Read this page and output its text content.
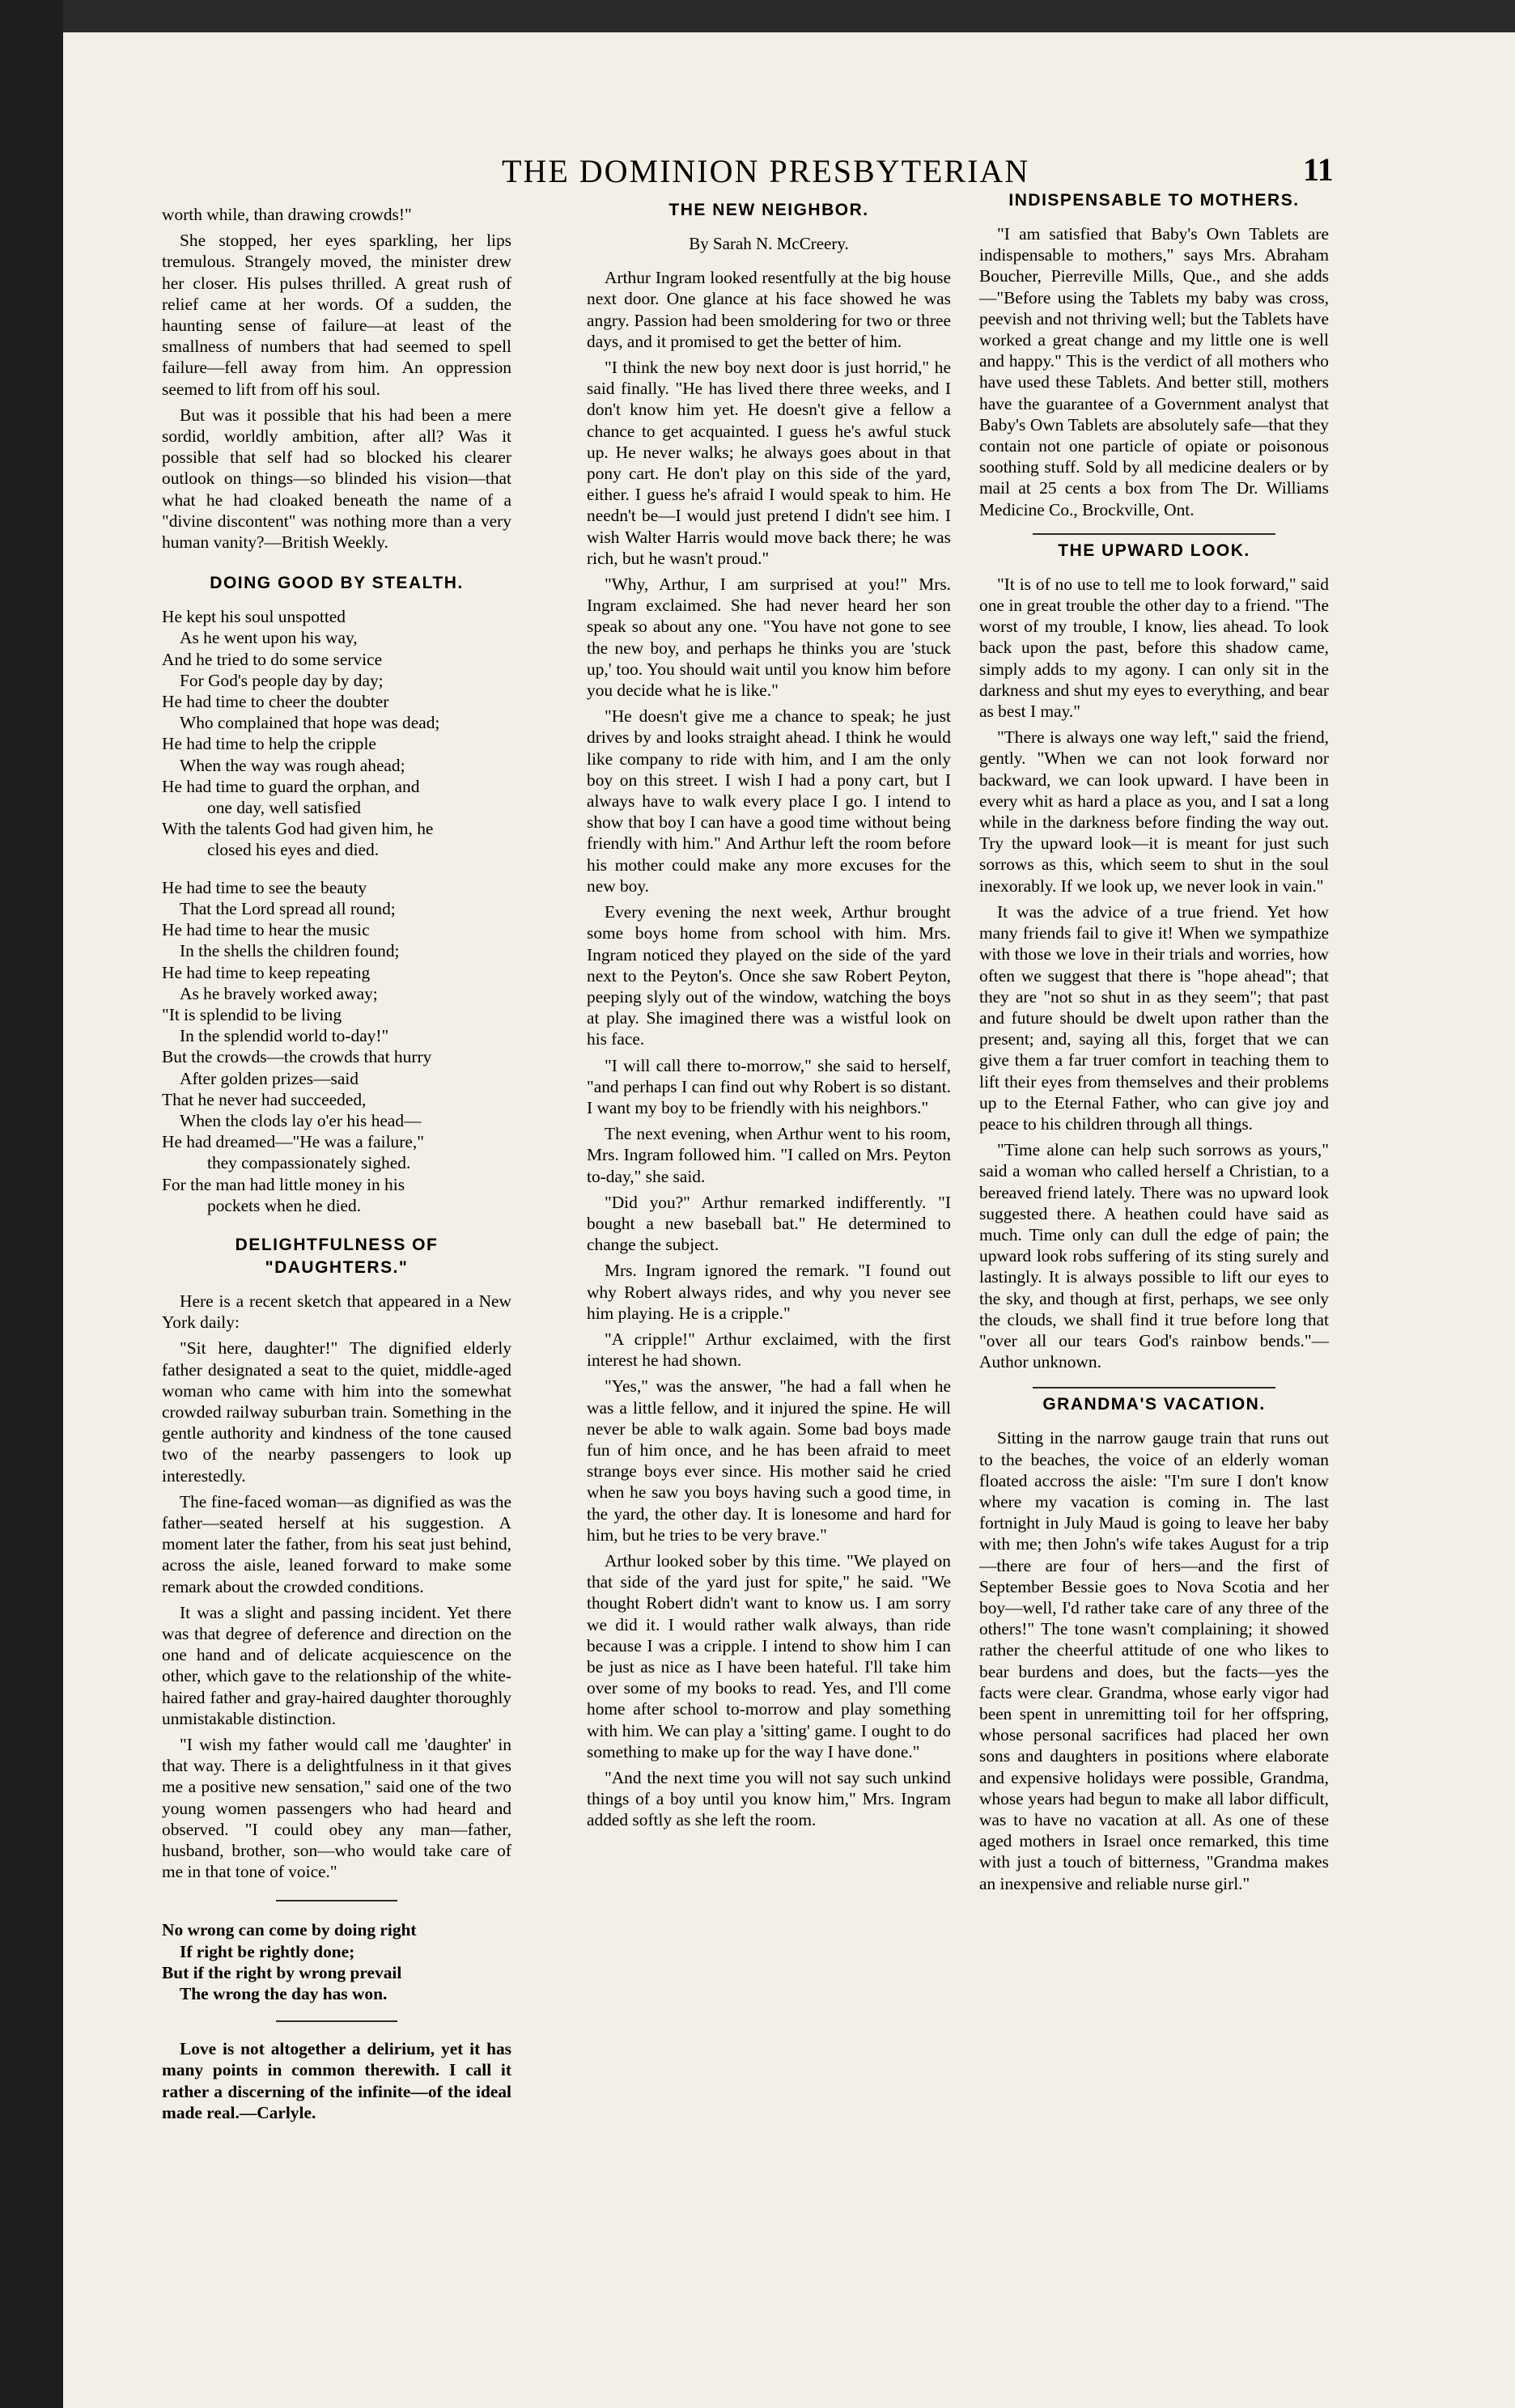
THE DOMINION PRESBYTERIAN	11

worth while, than drawing crowds!"

She stopped, her eyes sparkling, her lips tremulous. Strangely moved, the minister drew her closer. His pulses thrilled. A great rush of relief came at her words. Of a sudden, the haunting sense of failure—at least of the smallness of numbers that had seemed to spell failure—fell away from him. An oppression seemed to lift from off his soul.

But was it possible that his had been a mere sordid, worldly ambition, after all? Was it possible that self had so blocked his clearer outlook on things—so blinded his vision—that what he had cloaked beneath the name of a "divine discontent" was nothing more than a very human vanity?—British Weekly.

DOING GOOD BY STEALTH.
He kept his soul unspotted
As he went upon his way,
And he tried to do some service
For God's people day by day;
He had time to cheer the doubter
Who complained that hope was dead;
He had time to help the cripple
When the way was rough ahead;
He had time to guard the orphan, and
one day, well satisfied
With the talents God had given him, he
closed his eyes and died.
He had time to see the beauty
That the Lord spread all round;
He had time to hear the music
In the shells the children found;
He had time to keep repeating
As he bravely worked away;
"It is splendid to be living
In the splendid world to-day!"
But the crowds—the crowds that hurry
After golden prizes—said
That he never had succeeded,
When the clods lay o'er his head—
He had dreamed—"He was a failure,"
they compassionately sighed.
For the man had little money in his
pockets when he died.
DELIGHTFULNESS OF "DAUGHTERS."

Here is a recent sketch that appeared in a New York daily:

"Sit here, daughter!" The dignified elderly father designated a seat to the quiet, middle-aged woman who came with him into the somewhat crowded railway suburban train. Something in the gentle authority and kindness of the tone caused two of the nearby passengers to look up interestedly.

The fine-faced woman—as dignified as was the father—seated herself at his suggestion. A moment later the father, from his seat just behind, across the aisle, leaned forward to make some remark about the crowded conditions.

It was a slight and passing incident. Yet there was that degree of deference and direction on the one hand and of delicate acquiescence on the other, which gave to the relationship of the white-haired father and gray-haired daughter thoroughly unmistakable distinction.

"I wish my father would call me 'daughter' in that way. There is a delightfulness in it that gives me a positive new sensation," said one of the two young women passengers who had heard and observed. "I could obey any man—father, husband, brother, son—who would take care of me in that tone of voice."

No wrong can come by doing right
If right be rightly done;
But if the right by wrong prevail
The wrong the day has won.

Love is not altogether a delirium, yet it has many points in common therewith. I call it rather a discerning of the infinite—of the ideal made real.—Carlyle.

THE NEW NEIGHBOR.
By Sarah N. McCreery.

Arthur Ingram looked resentfully at the big house next door. One glance at his face showed he was angry. Passion had been smoldering for two or three days, and it promised to get the better of him.

"I think the new boy next door is just horrid," he said finally. "He has lived there three weeks, and I don't know him yet. He doesn't give a fellow a chance to get acquainted. I guess he's awful stuck up. He never walks; he always goes about in that pony cart. He don't play on this side of the yard, either. I guess he's afraid I would speak to him. He needn't be—I would just pretend I didn't see him. I wish Walter Harris would move back there; he was rich, but he wasn't proud."

"Why, Arthur, I am surprised at you!" Mrs. Ingram exclaimed. She had never heard her son speak so about any one. "You have not gone to see the new boy, and perhaps he thinks you are 'stuck up,' too. You should wait until you know him before you decide what he is like."

"He doesn't give me a chance to speak; he just drives by and looks straight ahead. I think he would like company to ride with him, and I am the only boy on this street. I wish I had a pony cart, but I always have to walk every place I go. I intend to show that boy I can have a good time without being friendly with him." And Arthur left the room before his mother could make any more excuses for the new boy.

Every evening the next week, Arthur brought some boys home from school with him. Mrs. Ingram noticed they played on the side of the yard next to the Peyton's. Once she saw Robert Peyton, peeping slyly out of the window, watching the boys at play. She imagined there was a wistful look on his face.

"I will call there to-morrow," she said to herself, "and perhaps I can find out why Robert is so distant. I want my boy to be friendly with his neighbors."

The next evening, when Arthur went to his room, Mrs. Ingram followed him. "I called on Mrs. Peyton to-day," she said.

"Did you?" Arthur remarked indifferently. "I bought a new baseball bat." He determined to change the subject.

Mrs. Ingram ignored the remark. "I found out why Robert always rides, and why you never see him playing. He is a cripple."

"A cripple!" Arthur exclaimed, with the first interest he had shown.

"Yes," was the answer, "he had a fall when he was a little fellow, and it injured the spine. He will never be able to walk again. Some bad boys made fun of him once, and he has been afraid to meet strange boys ever since. His mother said he cried when he saw you boys having such a good time, in the yard, the other day. It is lonesome and hard for him, but he tries to be very brave."

Arthur looked sober by this time. "We played on that side of the yard just for spite," he said. "We thought Robert didn't want to know us. I am sorry we did it. I would rather walk always, than ride because I was a cripple. I intend to show him I can be just as nice as I have been hateful. I'll take him over some of my books to read. Yes, and I'll come home after school to-morrow and play something with him. We can play a 'sitting' game. I ought to do something to make up for the way I have done."

"And the next time you will not say such unkind things of a boy until you know him," Mrs. Ingram added softly as she left the room.

INDISPENSABLE TO MOTHERS.

"I am satisfied that Baby's Own Tablets are indispensable to mothers," says Mrs. Abraham Boucher, Pierreville Mills, Que., and she adds—"Before using the Tablets my baby was cross, peevish and not thriving well; but the Tablets have worked a great change and my little one is well and happy." This is the verdict of all mothers who have used these Tablets. And better still, mothers have the guarantee of a Government analyst that Baby's Own Tablets are absolutely safe—that they contain not one particle of opiate or poisonous soothing stuff. Sold by all medicine dealers or by mail at 25 cents a box from The Dr. Williams Medicine Co., Brockville, Ont.

THE UPWARD LOOK.

"It is of no use to tell me to look forward," said one in great trouble the other day to a friend. "The worst of my trouble, I know, lies ahead. To look back upon the past, before this shadow came, simply adds to my agony. I can only sit in the darkness and shut my eyes to everything, and bear as best I may."

"There is always one way left," said the friend, gently. "When we can not look forward nor backward, we can look upward. I have been in every whit as hard a place as you, and I sat a long while in the darkness before finding the way out. Try the upward look—it is meant for just such sorrows as this, which seem to shut in the soul inexorably. If we look up, we never look in vain."

It was the advice of a true friend. Yet how many friends fail to give it! When we sympathize with those we love in their trials and worries, how often we suggest that there is "hope ahead"; that they are "not so shut in as they seem"; that past and future should be dwelt upon rather than the present; and, saying all this, forget that we can give them a far truer comfort in teaching them to lift their eyes from themselves and their problems up to the Eternal Father, who can give joy and peace to his children through all things.

"Time alone can help such sorrows as yours," said a woman who called herself a Christian, to a bereaved friend lately. There was no upward look suggested there. A heathen could have said as much. Time only can dull the edge of pain; the upward look robs suffering of its sting surely and lastingly. It is always possible to lift our eyes to the sky, and though at first, perhaps, we see only the clouds, we shall find it true before long that "over all our tears God's rainbow bends."—Author unknown.

GRANDMA'S VACATION.

Sitting in the narrow gauge train that runs out to the beaches, the voice of an elderly woman floated accross the aisle: "I'm sure I don't know where my vacation is coming in. The last fortnight in July Maud is going to leave her baby with me; then John's wife takes August for a trip—there are four of hers—and the first of September Bessie goes to Nova Scotia and her boy—well, I'd rather take care of any three of the others!" The tone wasn't complaining; it showed rather the cheerful attitude of one who likes to bear burdens and does, but the facts—yes the facts were clear. Grandma, whose early vigor had been spent in unremitting toil for her offspring, whose personal sacrifices had placed her own sons and daughters in positions where elaborate and expensive holidays were possible, Grandma, whose years had begun to make all labor difficult, was to have no vacation at all. As one of these aged mothers in Israel once remarked, this time with just a touch of bitterness, "Grandma makes an inexpensive and reliable nurse girl."
